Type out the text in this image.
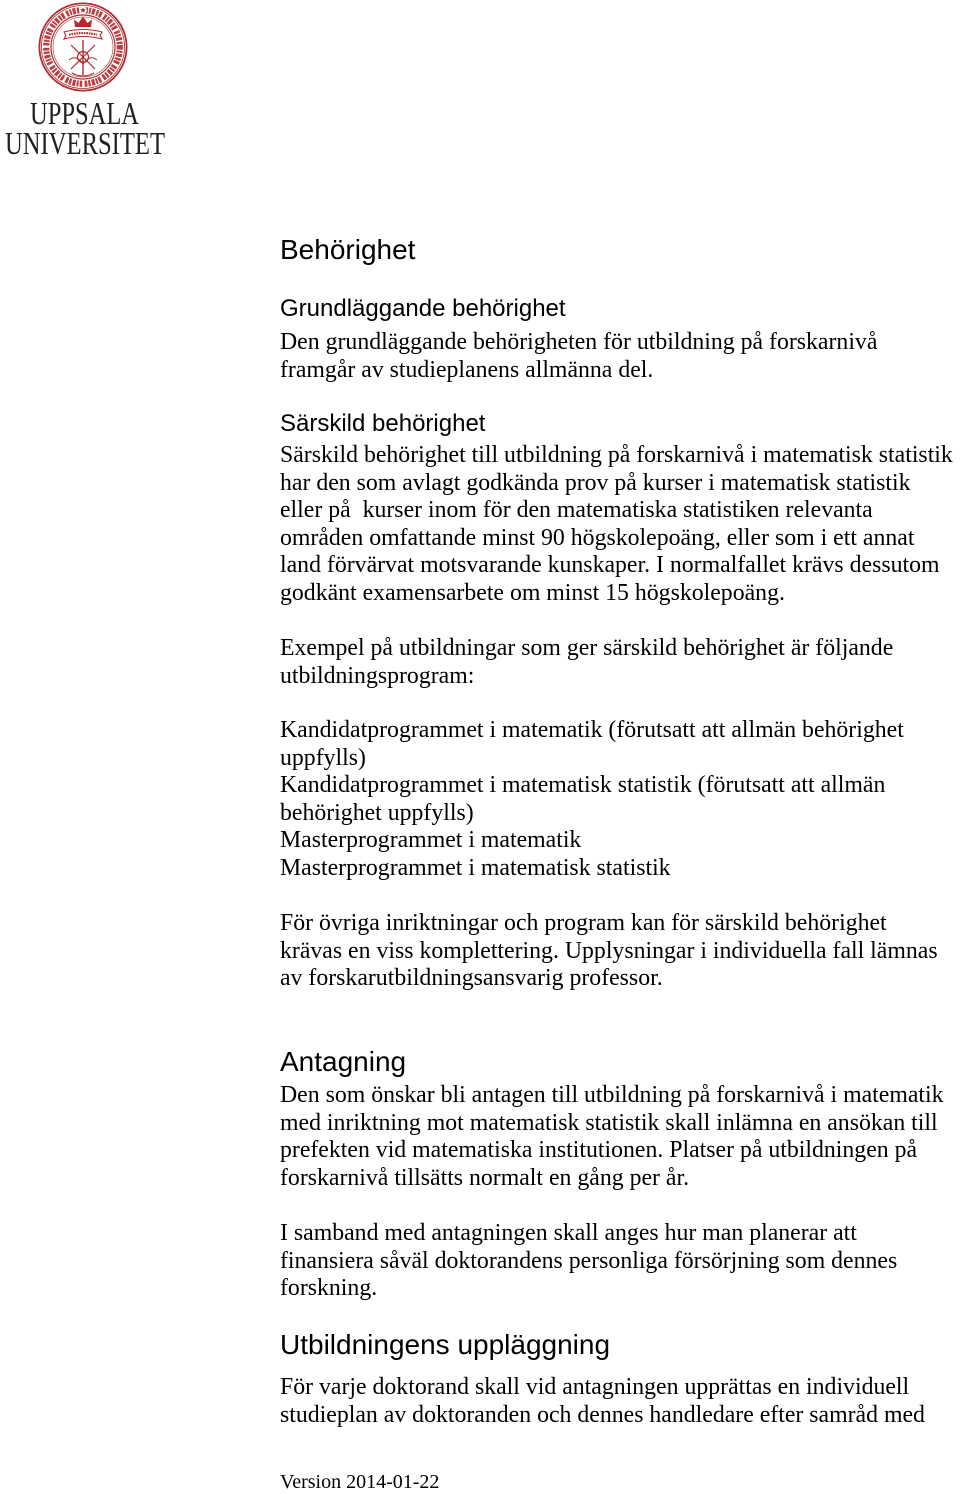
UPPSALA
UNIVERSITET
Behörighet
Grundläggande behörighet
Den grundläggande behörigheten för utbildning på forskarnivå
framgår av studieplanens allmänna del.
Särskild behörighet
Särskild behörighet till utbildning på forskarnivå i matematisk statistik
har den som avlagt godkända prov på kurser i matematisk statistik
eller på  kurser inom för den matematiska statistiken relevanta
områden omfattande minst 90 högskolepoäng, eller som i ett annat
land förvärvat motsvarande kunskaper. I normalfallet krävs dessutom
godkänt examensarbete om minst 15 högskolepoäng.
Exempel på utbildningar som ger särskild behörighet är följande
utbildningsprogram:
Kandidatprogrammet i matematik (förutsatt att allmän behörighet
uppfylls)
Kandidatprogrammet i matematisk statistik (förutsatt att allmän
behörighet uppfylls)
Masterprogrammet i matematik
Masterprogrammet i matematisk statistik
För övriga inriktningar och program kan för särskild behörighet
krävas en viss komplettering. Upplysningar i individuella fall lämnas
av forskarutbildningsansvarig professor.
Antagning
Den som önskar bli antagen till utbildning på forskarnivå i matematik
med inriktning mot matematisk statistik skall inlämna en ansökan till
prefekten vid matematiska institutionen. Platser på utbildningen på
forskarnivå tillsätts normalt en gång per år.
I samband med antagningen skall anges hur man planerar att
finansiera såväl doktorandens personliga försörjning som dennes
forskning.
Utbildningens uppläggning
För varje doktorand skall vid antagningen upprättas en individuell
studieplan av doktoranden och dennes handledare efter samråd med
Version 2014-01-22
